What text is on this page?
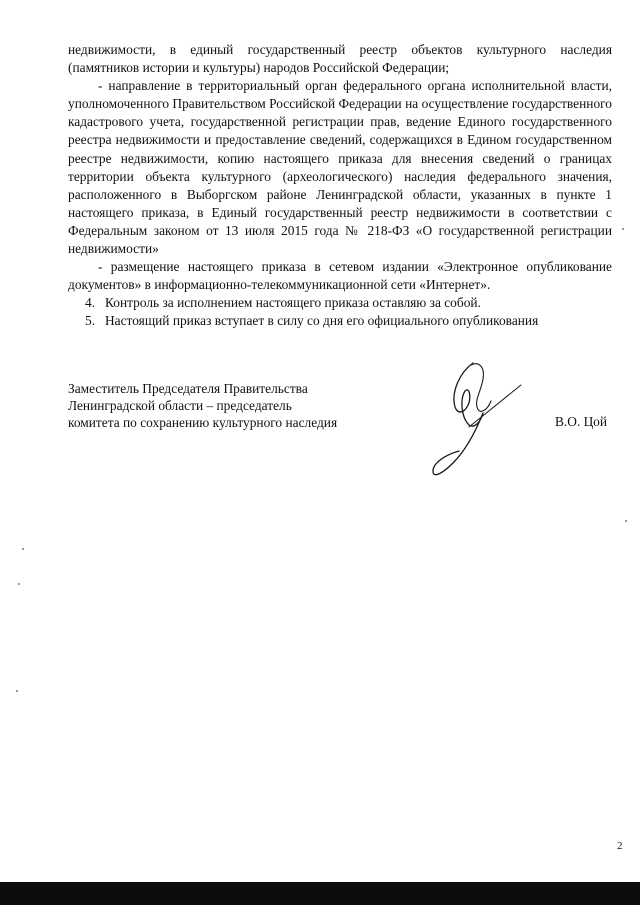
недвижимости, в единый государственный реестр объектов культурного наследия

(памятников истории и культуры) народов Российской Федерации;

- направление в территориальный орган федерального органа исполнительной власти, уполномоченного Правительством Российской Федерации на осуществление государственного кадастрового учета, государственной регистрации прав, ведение Единого государственного реестра недвижимости и предоставление сведений, содержащихся в Едином государственном реестре недвижимости, копию настоящего приказа для внесения сведений о границах территории объекта культурного (археологического) наследия федерального значения, расположенного в Выборгском районе Ленинградской области, указанных в пункте 1 настоящего приказа, в Единый государственный реестр недвижимости в соответствии с Федеральным законом от 13 июля 2015 года № 218-ФЗ «О государственной регистрации недвижимости»

- размещение настоящего приказа в сетевом издании «Электронное опубликование документов» в информационно-телекоммуникационной сети «Интернет».

4. Контроль за исполнением настоящего приказа оставляю за собой.

5. Настоящий приказ вступает в силу со дня его официального опубликования

Заместитель Председателя Правительства
Ленинградской области – председатель
комитета по сохранению культурного наследия	В.О. Цой
2
